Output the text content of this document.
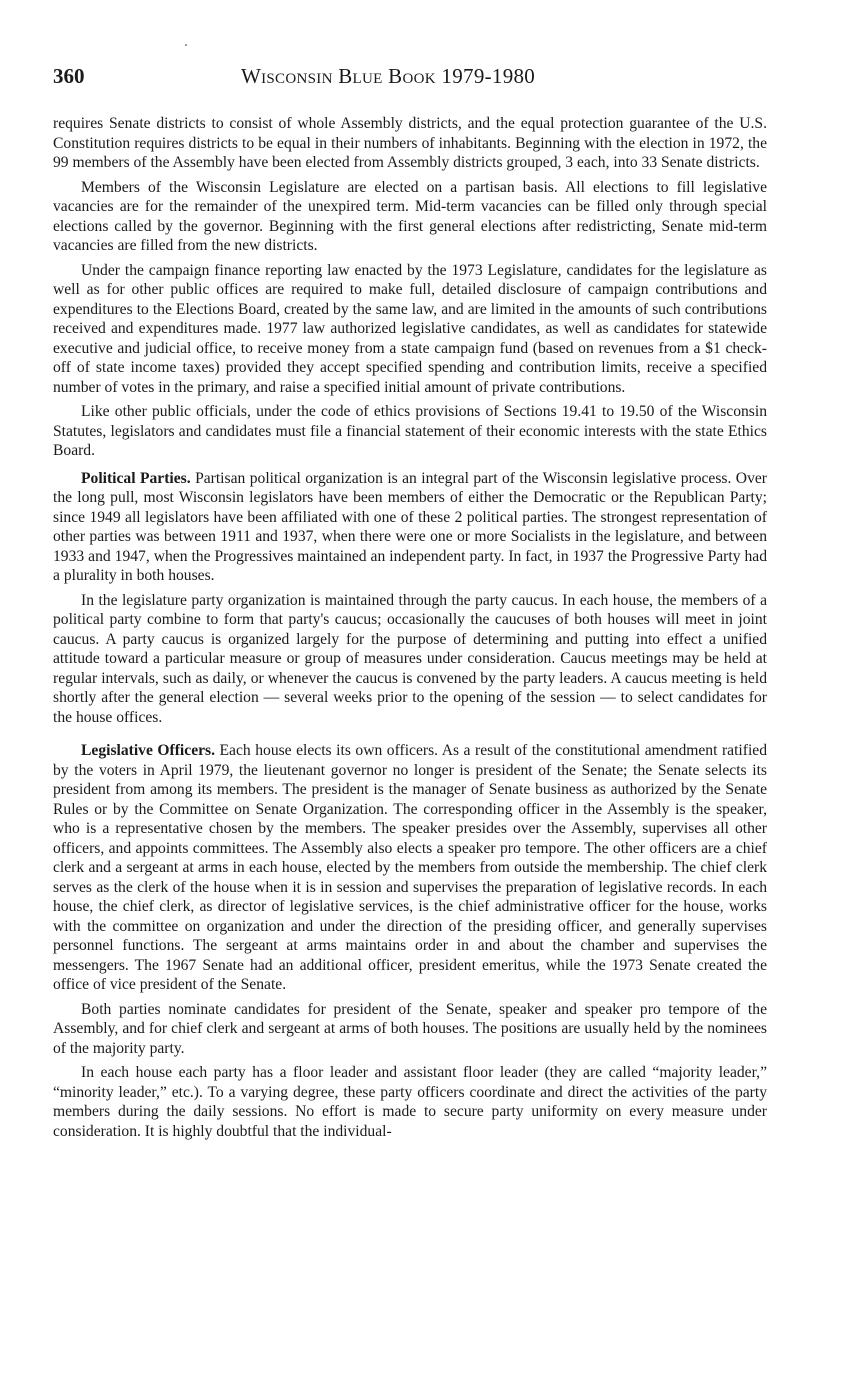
360	Wisconsin Blue Book 1979-1980

requires Senate districts to consist of whole Assembly districts, and the equal protection guarantee of the U.S. Constitution requires districts to be equal in their numbers of inhabitants. Beginning with the election in 1972, the 99 members of the Assembly have been elected from Assembly districts grouped, 3 each, into 33 Senate districts.

Members of the Wisconsin Legislature are elected on a partisan basis. All elections to fill legislative vacancies are for the remainder of the unexpired term. Mid-term vacancies can be filled only through special elections called by the governor. Beginning with the first general elections after redistricting, Senate mid-term vacancies are filled from the new districts.

Under the campaign finance reporting law enacted by the 1973 Legislature, candidates for the legislature as well as for other public offices are required to make full, detailed disclosure of campaign contributions and expenditures to the Elections Board, created by the same law, and are limited in the amounts of such contributions received and expenditures made. 1977 law authorized legislative candidates, as well as candidates for statewide executive and judicial office, to receive money from a state campaign fund (based on revenues from a $1 check-off of state income taxes) provided they accept specified spending and contribution limits, receive a specified number of votes in the primary, and raise a specified initial amount of private contributions.

Like other public officials, under the code of ethics provisions of Sections 19.41 to 19.50 of the Wisconsin Statutes, legislators and candidates must file a financial statement of their economic interests with the state Ethics Board.

Political Parties. Partisan political organization is an integral part of the Wisconsin legislative process. Over the long pull, most Wisconsin legislators have been members of either the Democratic or the Republican Party; since 1949 all legislators have been affiliated with one of these 2 political parties. The strongest representation of other parties was between 1911 and 1937, when there were one or more Socialists in the legislature, and between 1933 and 1947, when the Progressives maintained an independent party. In fact, in 1937 the Progressive Party had a plurality in both houses.

In the legislature party organization is maintained through the party caucus. In each house, the members of a political party combine to form that party's caucus; occasionally the caucuses of both houses will meet in joint caucus. A party caucus is organized largely for the purpose of determining and putting into effect a unified attitude toward a particular measure or group of measures under consideration. Caucus meetings may be held at regular intervals, such as daily, or whenever the caucus is convened by the party leaders. A caucus meeting is held shortly after the general election — several weeks prior to the opening of the session — to select candidates for the house offices.

Legislative Officers. Each house elects its own officers. As a result of the constitutional amendment ratified by the voters in April 1979, the lieutenant governor no longer is president of the Senate; the Senate selects its president from among its members. The president is the manager of Senate business as authorized by the Senate Rules or by the Committee on Senate Organization. The corresponding officer in the Assembly is the speaker, who is a representative chosen by the members. The speaker presides over the Assembly, supervises all other officers, and appoints committees. The Assembly also elects a speaker pro tempore. The other officers are a chief clerk and a sergeant at arms in each house, elected by the members from outside the membership. The chief clerk serves as the clerk of the house when it is in session and supervises the preparation of legislative records. In each house, the chief clerk, as director of legislative services, is the chief administrative officer for the house, works with the committee on organization and under the direction of the presiding officer, and generally supervises personnel functions. The sergeant at arms maintains order in and about the chamber and supervises the messengers. The 1967 Senate had an additional officer, president emeritus, while the 1973 Senate created the office of vice president of the Senate.

Both parties nominate candidates for president of the Senate, speaker and speaker pro tempore of the Assembly, and for chief clerk and sergeant at arms of both houses. The positions are usually held by the nominees of the majority party.

In each house each party has a floor leader and assistant floor leader (they are called “majority leader,” “minority leader,” etc.). To a varying degree, these party officers coordinate and direct the activities of the party members during the daily sessions. No effort is made to secure party uniformity on every measure under consideration. It is highly doubtful that the individual-
